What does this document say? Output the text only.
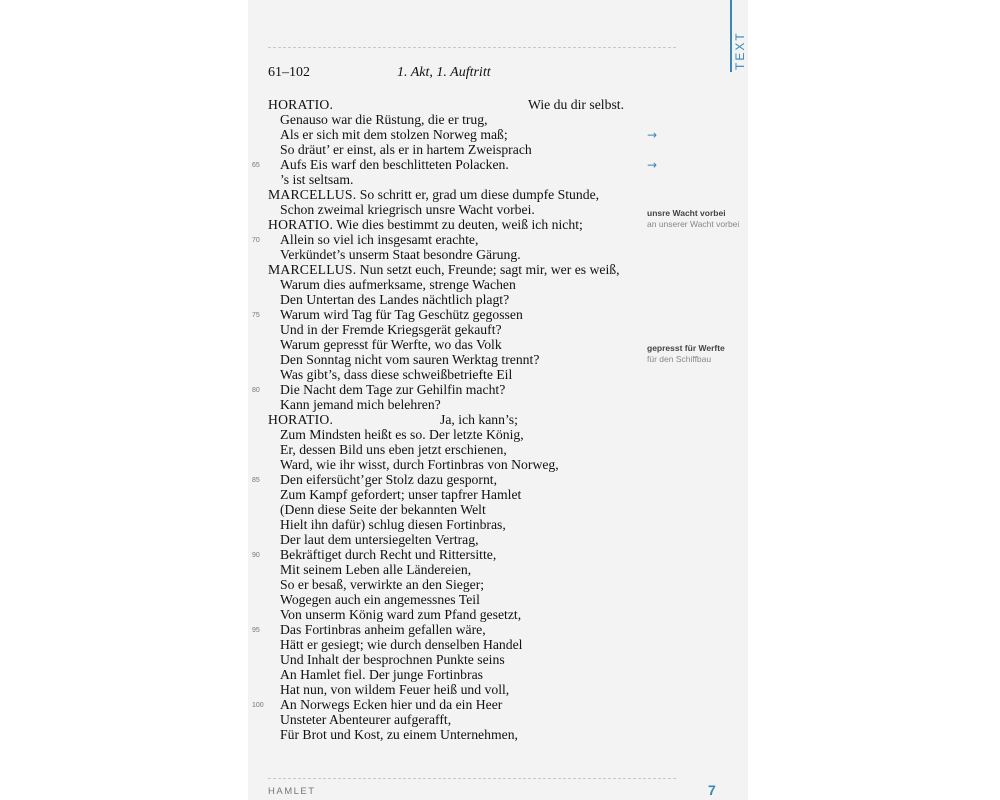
TEXT
61–102	1. Akt, 1. Auftritt
HORATIO.	Wie du dir selbst.
Genauso war die Rüstung, die er trug,
Als er sich mit dem stolzen Norweg maß;
So dräut’ er einst, als er in hartem Zweisprach
Aufs Eis warf den beschlitteten Polacken.
’s ist seltsam.
MARCELLUS. So schritt er, grad um diese dumpfe Stunde,
Schon zweimal kriegrisch unsre Wacht vorbei.
HORATIO. Wie dies bestimmt zu deuten, weiß ich nicht;
Allein so viel ich insgesamt erachte,
Verkündet’s unserm Staat besondre Gärung.
MARCELLUS. Nun setzt euch, Freunde; sagt mir, wer es weiß,
Warum dies aufmerksame, strenge Wachen
Den Untertan des Landes nächtlich plagt?
Warum wird Tag für Tag Geschütz gegossen
Und in der Fremde Kriegsgerät gekauft?
Warum gepresst für Werfte, wo das Volk
Den Sonntag nicht vom sauren Werktag trennt?
Was gibt’s, dass diese schweißbetriefte Eil
Die Nacht dem Tage zur Gehilfin macht?
Kann jemand mich belehren?
HORATIO.	Ja, ich kann’s;
Zum Mindsten heißt es so. Der letzte König,
Er, dessen Bild uns eben jetzt erschienen,
Ward, wie ihr wisst, durch Fortinbras von Norweg,
Den eifersücht’ger Stolz dazu gespornt,
Zum Kampf gefordert; unser tapfrer Hamlet
(Denn diese Seite der bekannten Welt
Hielt ihn dafür) schlug diesen Fortinbras,
Der laut dem untersiegelten Vertrag,
Bekräftiget durch Recht und Rittersitte,
Mit seinem Leben alle Ländereien,
So er besaß, verwirkte an den Sieger;
Wogegen auch ein angemessnes Teil
Von unserm König ward zum Pfand gesetzt,
Das Fortinbras anheim gefallen wäre,
Hätt er gesiegt; wie durch denselben Handel
Und Inhalt der besprochnen Punkte seins
An Hamlet fiel. Der junge Fortinbras
Hat nun, von wildem Feuer heiß und voll,
An Norwegs Ecken hier und da ein Heer
Unsteter Abenteurer aufgerafft,
Für Brot und Kost, zu einem Unternehmen,
65
70
75
80
85
90
95
100
→
→
unsre Wacht vorbei
an unserer Wacht vorbei
gepresst für Werfte
für den Schiffbau
HAMLET	7
